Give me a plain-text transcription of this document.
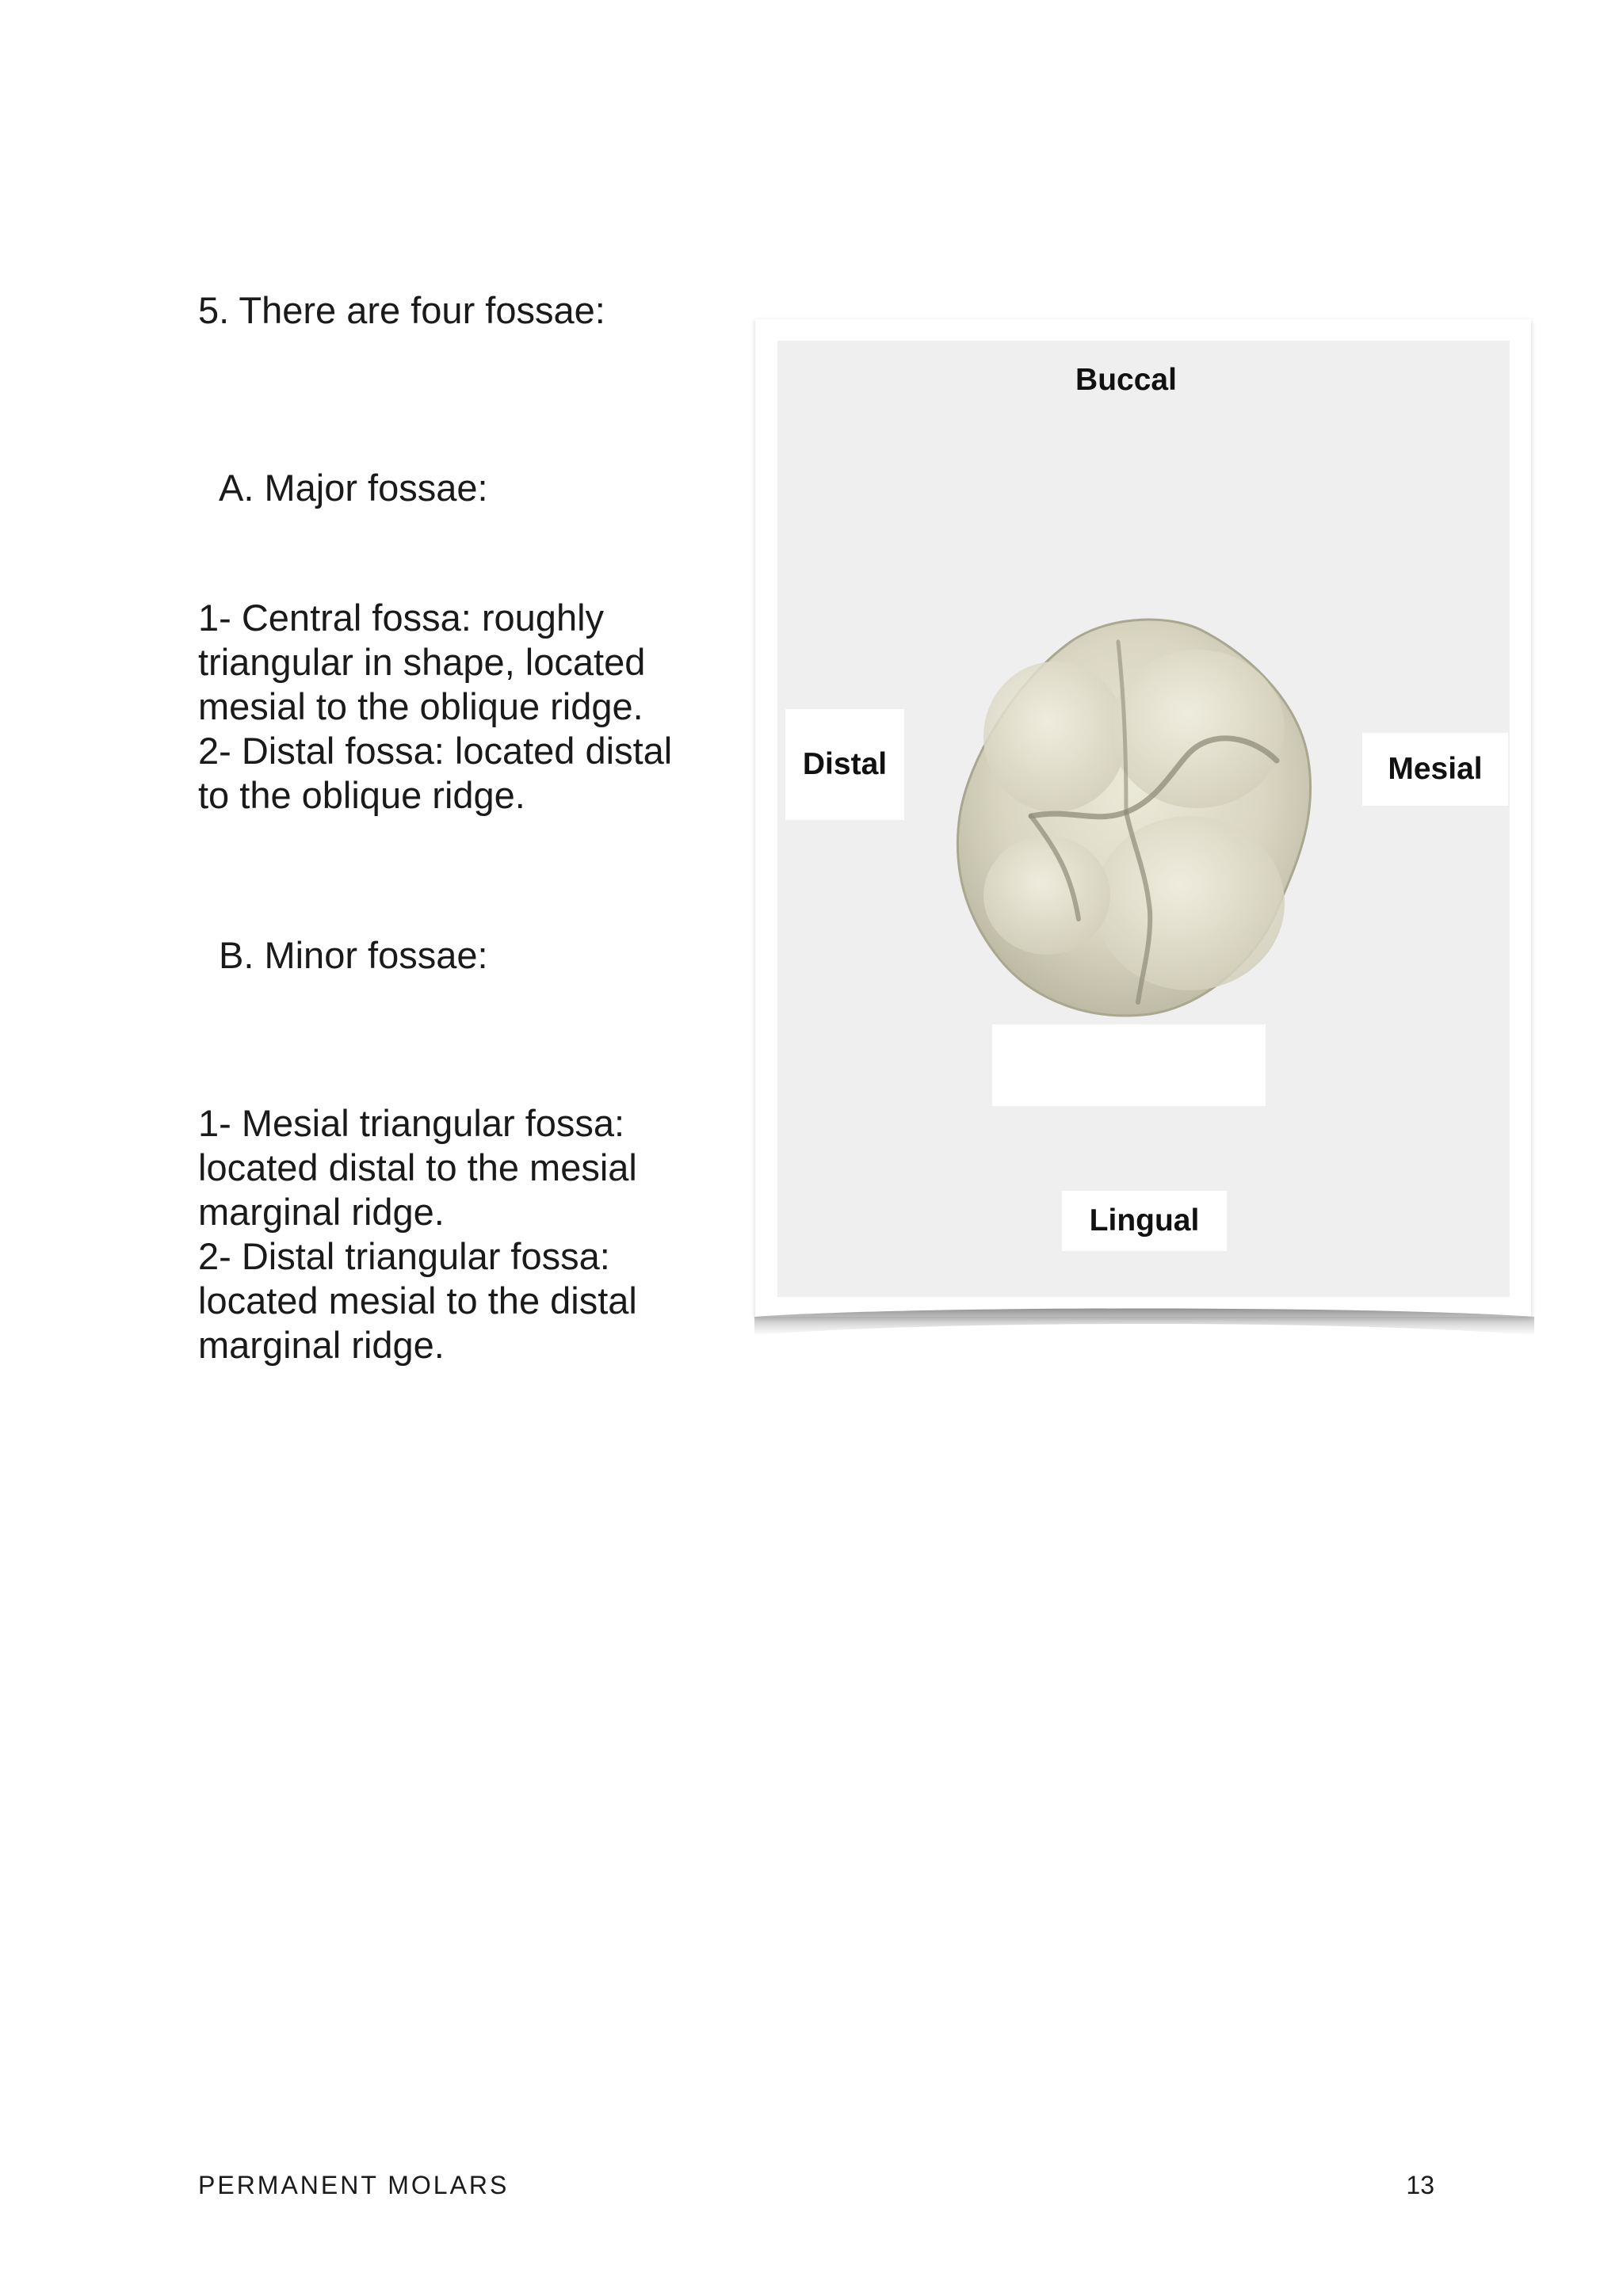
5. There are four fossae:

A. Major fossae:

1- Central fossa: roughly
triangular in shape, located
mesial to the oblique ridge.
2- Distal fossa: located distal
to the oblique ridge.

B. Minor fossae:

1- Mesial triangular fossa:
located distal to the mesial
marginal ridge.
2- Distal triangular fossa:
located mesial to the distal
marginal ridge.

Buccal
Distal	Mesial
Lingual
PERMANENT MOLARS	13
